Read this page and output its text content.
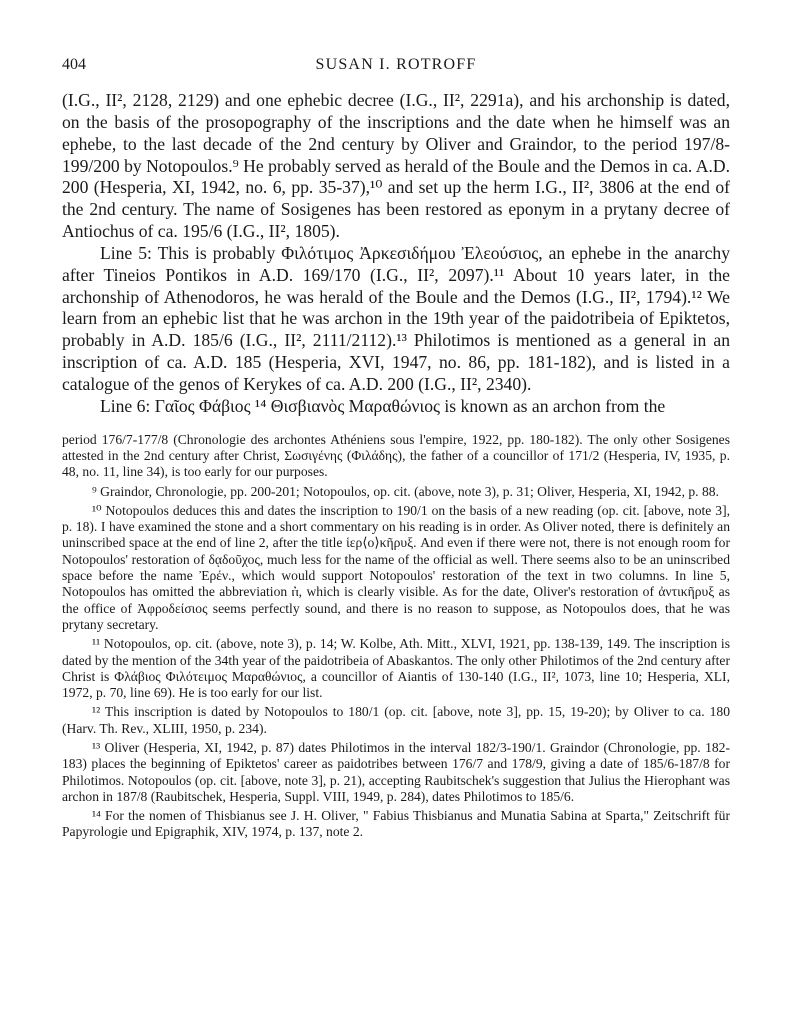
404	SUSAN I. ROTROFF

(I.G., II², 2128, 2129) and one ephebic decree (I.G., II², 2291a), and his archonship is dated, on the basis of the prosopography of the inscriptions and the date when he himself was an ephebe, to the last decade of the 2nd century by Oliver and Graindor, to the period 197/8-199/200 by Notopoulos.⁹ He probably served as herald of the Boule and the Demos in ca. A.D. 200 (Hesperia, XI, 1942, no. 6, pp. 35-37),¹⁰ and set up the herm I.G., II², 3806 at the end of the 2nd century. The name of Sosigenes has been restored as eponym in a prytany decree of Antiochus of ca. 195/6 (I.G., II², 1805).

Line 5: This is probably Φιλότιμος Ἀρκεσιδήμου Ἐλεούσιος, an ephebe in the anarchy after Tineios Pontikos in A.D. 169/170 (I.G., II², 2097).¹¹ About 10 years later, in the archonship of Athenodoros, he was herald of the Boule and the Demos (I.G., II², 1794).¹² We learn from an ephebic list that he was archon in the 19th year of the paidotribeia of Epiktetos, probably in A.D. 185/6 (I.G., II², 2111/2112).¹³ Philotimos is mentioned as a general in an inscription of ca. A.D. 185 (Hesperia, XVI, 1947, no. 86, pp. 181-182), and is listed in a catalogue of the genos of Kerykes of ca. A.D. 200 (I.G., II², 2340).

Line 6: Γαῖος Φάβιος ¹⁴ Θισβιανὸς Μαραθώνιος is known as an archon from the

period 176/7-177/8 (Chronologie des archontes Athéniens sous l'empire, 1922, pp. 180-182). The only other Sosigenes attested in the 2nd century after Christ, Σωσιγένης (Φιλάδης), the father of a councillor of 171/2 (Hesperia, IV, 1935, p. 48, no. 11, line 34), is too early for our purposes.

⁹ Graindor, Chronologie, pp. 200-201; Notopoulos, op. cit. (above, note 3), p. 31; Oliver, Hesperia, XI, 1942, p. 88.

¹⁰ Notopoulos deduces this and dates the inscription to 190/1 on the basis of a new reading (op. cit. [above, note 3], p. 18). I have examined the stone and a short commentary on his reading is in order. As Oliver noted, there is definitely an uninscribed space at the end of line 2, after the title ἱερ⟨ο⟩κῆρυξ. And even if there were not, there is not enough room for Notopoulos' restoration of δᾳδοῦχος, much less for the name of the official as well. There seems also to be an uninscribed space before the name Ἐρέν., which would support Notopoulos' restoration of the text in two columns. In line 5, Notopoulos has omitted the abbreviation ⲡ̓, which is clearly visible. As for the date, Oliver's restoration of ἀντικῆρυξ as the office of Ἀφροδείσιος seems perfectly sound, and there is no reason to suppose, as Notopoulos does, that he was prytany secretary.

¹¹ Notopoulos, op. cit. (above, note 3), p. 14; W. Kolbe, Ath. Mitt., XLVI, 1921, pp. 138-139, 149. The inscription is dated by the mention of the 34th year of the paidotribeia of Abaskantos. The only other Philotimos of the 2nd century after Christ is Φλάβιος Φιλότειμος Μαραθώνιος, a councillor of Aiantis of 130-140 (I.G., II², 1073, line 10; Hesperia, XLI, 1972, p. 70, line 69). He is too early for our list.

¹² This inscription is dated by Notopoulos to 180/1 (op. cit. [above, note 3], pp. 15, 19-20); by Oliver to ca. 180 (Harv. Th. Rev., XLIII, 1950, p. 234).

¹³ Oliver (Hesperia, XI, 1942, p. 87) dates Philotimos in the interval 182/3-190/1. Graindor (Chronologie, pp. 182-183) places the beginning of Epiktetos' career as paidotribes between 176/7 and 178/9, giving a date of 185/6-187/8 for Philotimos. Notopoulos (op. cit. [above, note 3], p. 21), accepting Raubitschek's suggestion that Julius the Hierophant was archon in 187/8 (Raubitschek, Hesperia, Suppl. VIII, 1949, p. 284), dates Philotimos to 185/6.

¹⁴ For the nomen of Thisbianus see J. H. Oliver, " Fabius Thisbianus and Munatia Sabina at Sparta," Zeitschrift für Papyrologie und Epigraphik, XIV, 1974, p. 137, note 2.
